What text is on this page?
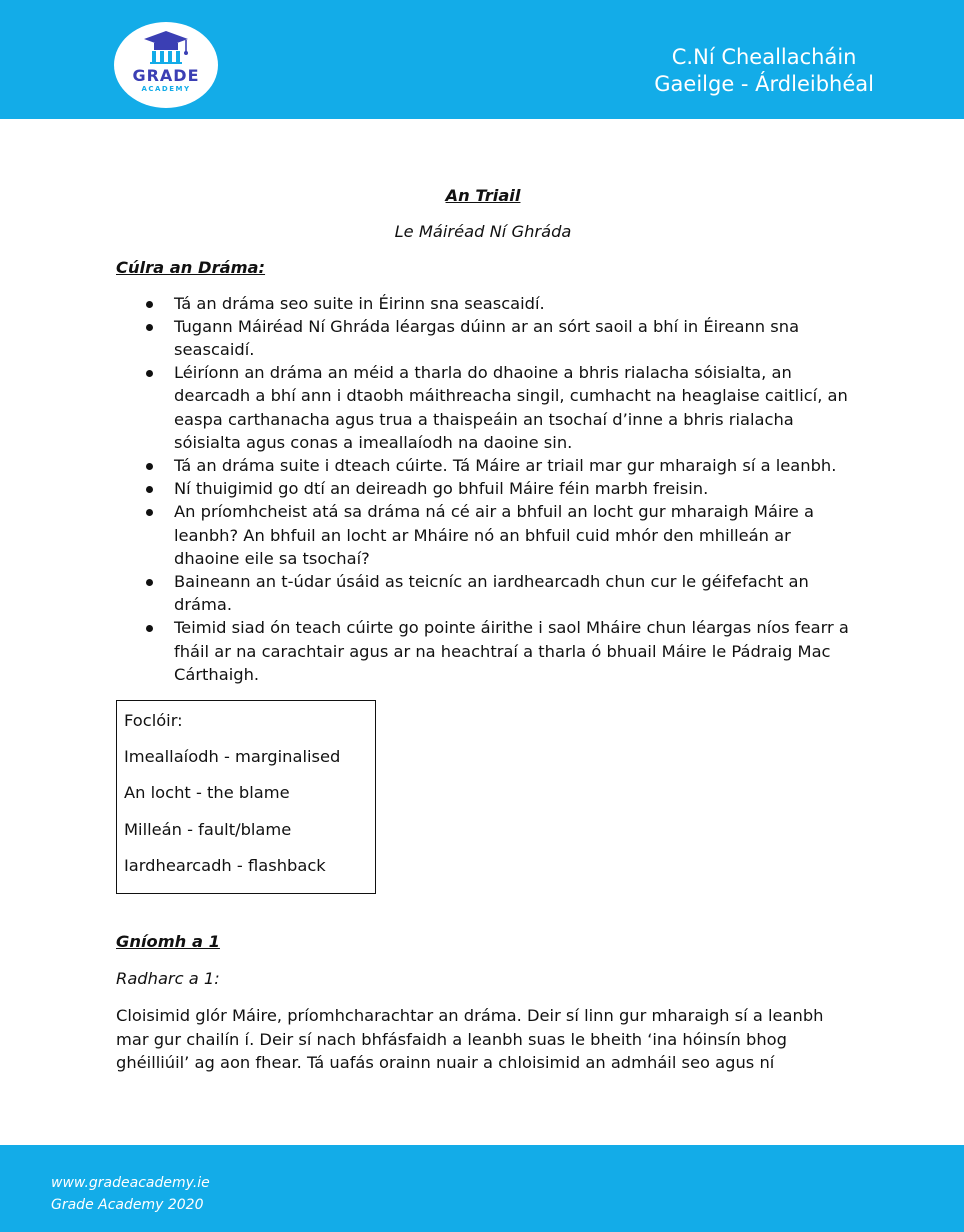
GRADE
ACADEMY
C.Ní Cheallacháin
Gaeilge - Árdleibhéal

An Triail

Le Máiréad Ní Ghráda

Cúlra an Dráma:

Tá an dráma seo suite in Éirinn sna seascaidí.
Tugann Máiréad Ní Ghráda léargas dúinn ar an sórt saoil a bhí in Éireann sna seascaidí.
Léiríonn an dráma an méid a tharla do dhaoine a bhris rialacha sóisialta, an dearcadh a bhí ann i dtaobh máithreacha singil, cumhacht na heaglaise caitlicí, an easpa carthanacha agus trua a thaispeáin an tsochaí d’inne a bhris rialacha sóisialta agus conas a imeallaíodh na daoine sin.
Tá an dráma suite i dteach cúirte. Tá Máire ar triail mar gur mharaigh sí a leanbh.
Ní thuigimid go dtí an deireadh go bhfuil Máire féin marbh freisin.
An príomhcheist atá sa dráma ná cé air a bhfuil an locht gur mharaigh Máire a leanbh? An bhfuil an locht ar Mháire nó an bhfuil cuid mhór den mhilleán ar dhaoine eile sa tsochaí?
Baineann an t-údar úsáid as teicníc an iardhearcadh chun cur le géifefacht an dráma.
Teimid siad ón teach cúirte go pointe áirithe i saol Mháire chun léargas níos fearr a fháil ar na carachtair agus ar na heachtraí a tharla ó bhuail Máire le Pádraig Mac Cárthaigh.

Foclóir:

Imeallaíodh - marginalised

An locht - the blame

Milleán - fault/blame

Iardhearcadh - flashback

Gníomh a 1

Radharc a 1:

Cloisimid glór Máire, príomhcharachtar an dráma. Deir sí linn gur mharaigh sí a leanbh mar gur chailín í. Deir sí nach bhfásfaidh a leanbh suas le bheith ‘ina hóinsín bhog ghéilliúil’ ag aon fhear. Tá uafás orainn nuair a chloisimid an admháil seo agus ní

www.gradeacademy.ie
Grade Academy 2020
